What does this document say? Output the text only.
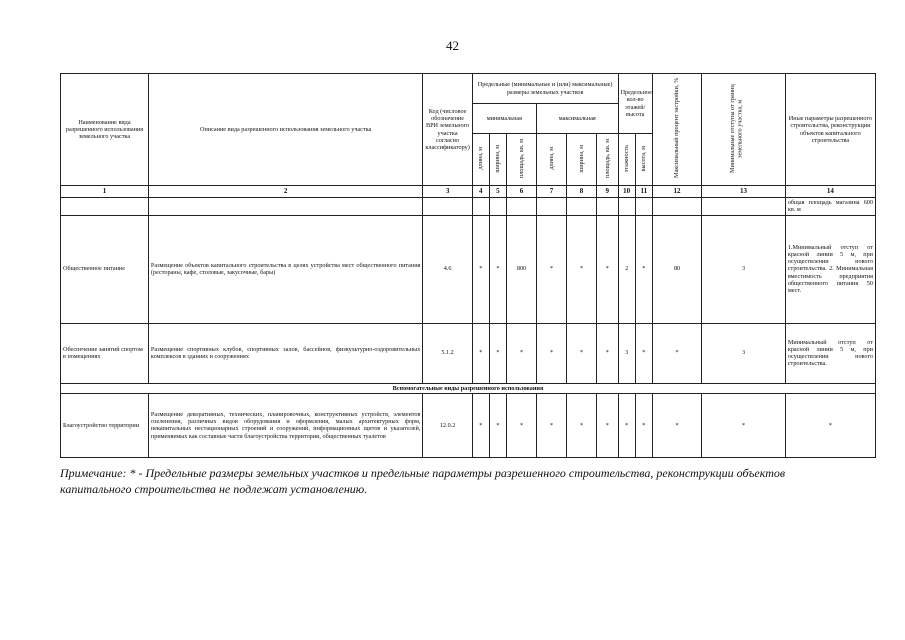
42
Наименование вида разрешенного использования земельного участка	Описание вида разрешенного использования земельного участка	Код (числовое обозначение ВРИ земельного участка согласно классификатору)	Предельные (минимальные и (или) максимальные) размеры земельных участков						Предельное кол-во этажей/высота		Максимальный процент застройки, %	Минимальные отступы от границ земельного участка, м	Иные параметры разрешенного строительства, реконструкции объектов капитального строительства
			минимальная			максимальная							
			длина, м	ширина, м	площадь, кв. м	длина, м	ширина, м	площадь, кв. м	этажность	высота, м			
1	2	3	4	5	6	7	8	9	10	11	12	13	14
													общая площадь магазина 600 кв. м
Общественное питание	Размещение объектов капитального строительства в целях устройства мест общественного питания (рестораны, кафе, столовые, закусочные, бары)	4.6	*	*	800	*	*	*	2	*	80	3	1.Минимальный отступ от красной линии 5 м, при осуществлении нового строительства. 2. Минимальная вместимость предприятия общественного питания 50 мест.
Обеспечение занятий спортом в помещениях	Размещение спортивных клубов, спортивных залов, бассейнов, физкультурно-оздоровительных комплексов в зданиях и сооружениях	5.1.2	*	*	*	*	*	*	3	*	*	3	Минимальный отступ от красной линии 5 м, при осуществлении нового строительства.
Вспомогательные виды разрешенного использования													
Благоустройство территории	Размещение декоративных, технических, планировочных, конструктивных устройств, элементов озеленения, различных видов оборудования и оформления, малых архитектурных форм, некапитальных нестационарных строений и сооружений, информационных щитов и указателей, применяемых как составные части благоустройства территории, общественных туалетов	12.0.2	*	*	*	*	*	*	*	*	*	*	*
Примечание: * - Предельные размеры земельных участков и предельные параметры разрешенного строительства, реконструкции объектов капитального строительства не подлежат установлению.
